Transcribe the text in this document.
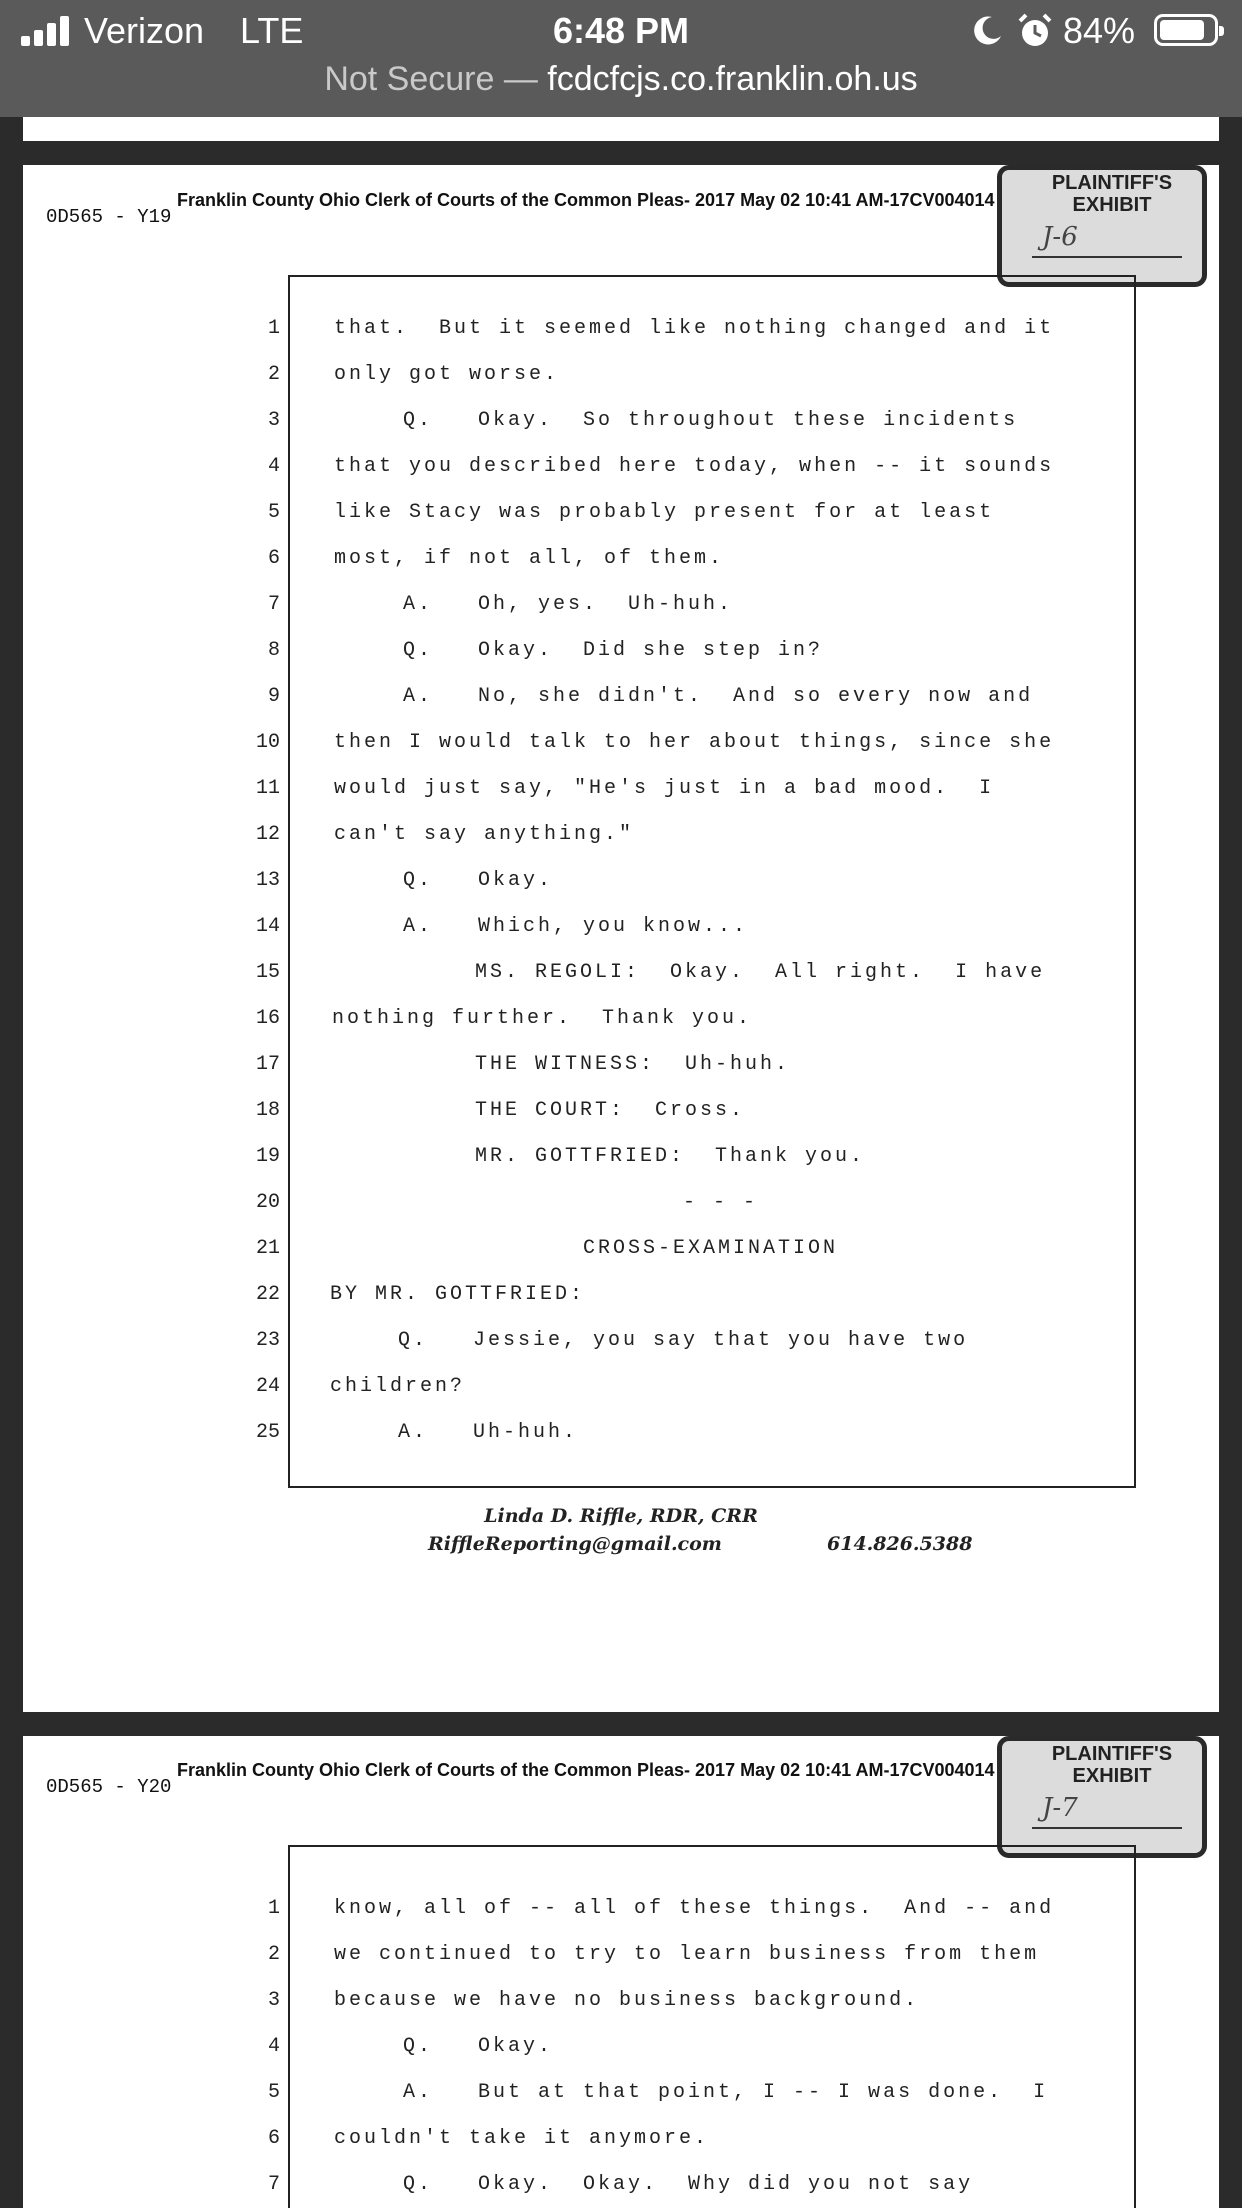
Verizon LTE	6:48 PM	84%
Not Secure — fcdcfcjs.co.franklin.oh.us
Franklin County Ohio Clerk of Courts of the Common Pleas- 2017 May 02 10:41 AM-17CV004014
0D565 - Y19
PLAINTIFF'S
EXHIBIT
J-6
1	that.  But it seemed like nothing changed and it
2	only got worse.
3	Q.   Okay.  So throughout these incidents
4	that you described here today, when -- it sounds
5	like Stacy was probably present for at least
6	most, if not all, of them.
7	A.   Oh, yes.  Uh-huh.
8	Q.   Okay.  Did she step in?
9	A.   No, she didn't.  And so every now and
10	then I would talk to her about things, since she
11	would just say, "He's just in a bad mood.  I
12	can't say anything."
13	Q.   Okay.
14	A.   Which, you know...
15	MS. REGOLI:  Okay.  All right.  I have
16	nothing further.  Thank you.
17	THE WITNESS:  Uh-huh.
18	THE COURT:  Cross.
19	MR. GOTTFRIED:  Thank you.
20	- - -
21	CROSS-EXAMINATION
22	BY MR. GOTTFRIED:
23	Q.   Jessie, you say that you have two
24	children?
25	A.   Uh-huh.
Linda D. Riffle, RDR, CRR
RiffleReporting@gmail.com	614.826.5388
Franklin County Ohio Clerk of Courts of the Common Pleas- 2017 May 02 10:41 AM-17CV004014
0D565 - Y20
PLAINTIFF'S
EXHIBIT
J-7
1	know, all of -- all of these things.  And -- and
2	we continued to try to learn business from them
3	because we have no business background.
4	Q.   Okay.
5	A.   But at that point, I -- I was done.  I
6	couldn't take it anymore.
7	Q.   Okay.  Okay.  Why did you not say
